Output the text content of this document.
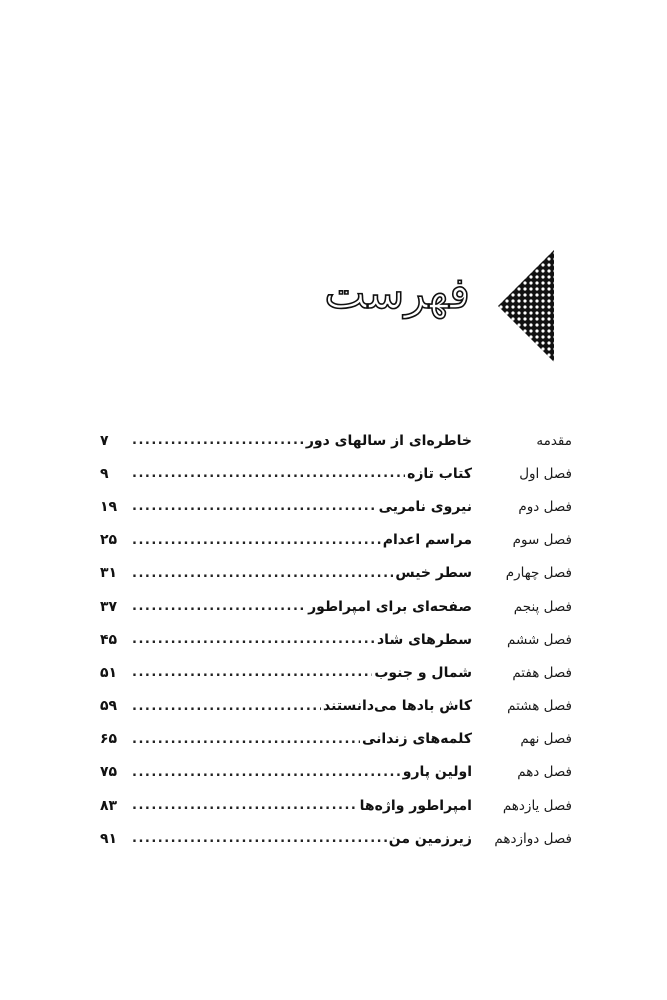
فهرست
مقدمه
خاطره‌ای از سالهای دور
.....
۷
فصل اول
کتاب تازه
.....
۹
فصل دوم
نیروی نامریی
.....
۱۹
فصل سوم
مراسم اعدام
.....
۲۵
فصل چهارم
سطر خیس
.....
۳۱
فصل پنجم
صفحه‌ای برای امپراطور
.....
۳۷
فصل ششم
سطرهای شاد
.....
۴۵
فصل هفتم
شمال و جنوب
.....
۵۱
فصل هشتم
کاش بادها می‌دانستند
.....
۵۹
فصل نهم
کلمه‌های زندانی
.....
۶۵
فصل دهم
اولین پارو
.....
۷۵
فصل یازدهم
امپراطور واژه‌ها
.....
۸۳
فصل دوازدهم
زیرزمین من
.....
۹۱
